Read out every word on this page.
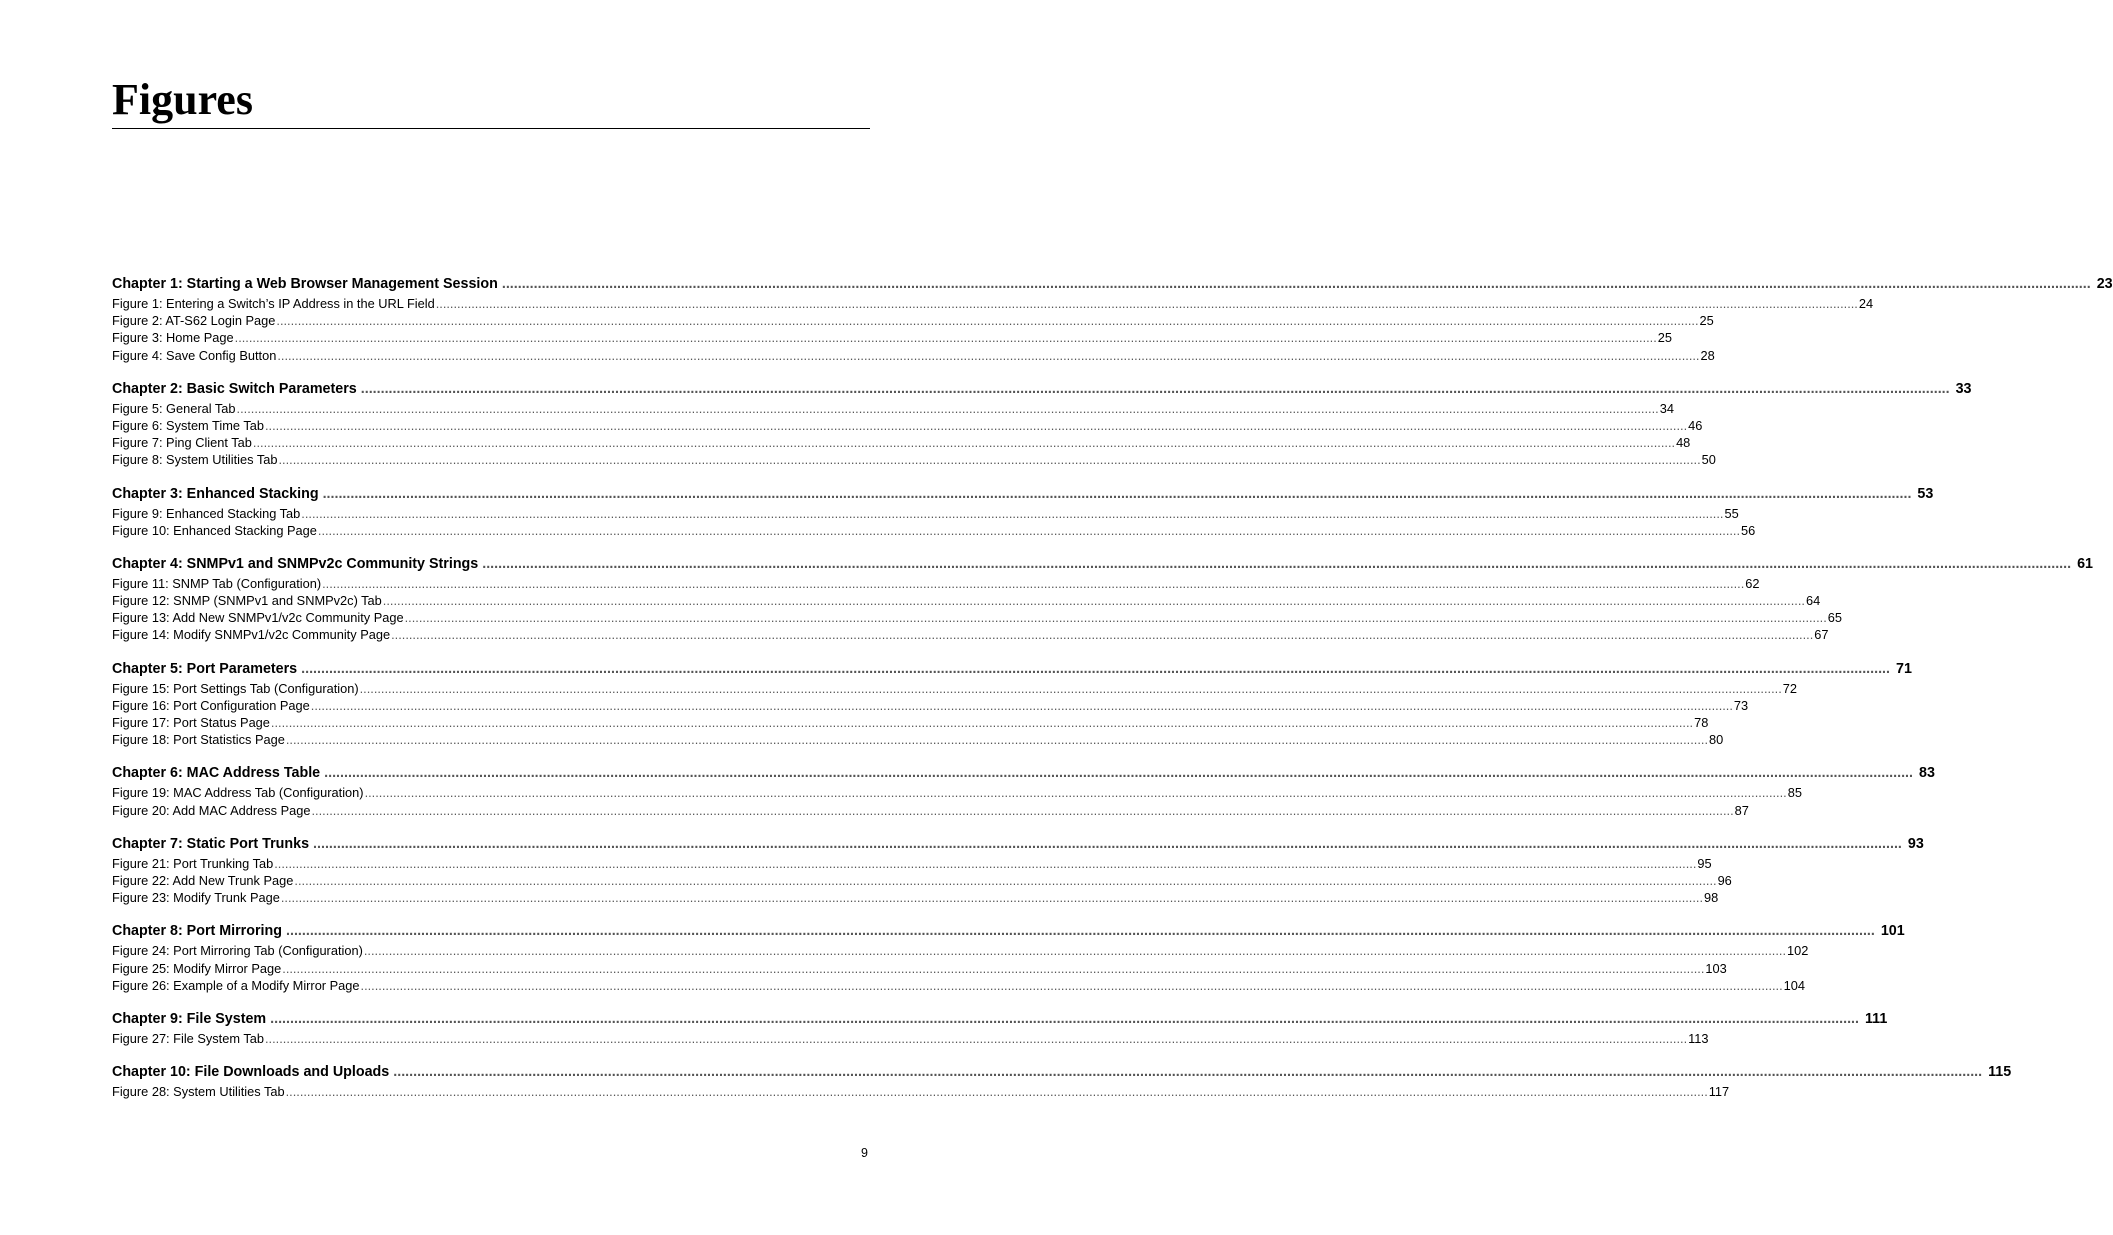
Figures
Chapter 1: Starting a Web Browser Management Session ................................................................................................................................................................................................................................................................................................................................................................................................................ 23
Figure 1: Entering a Switch’s IP Address in the URL Field ................................................................................................................................................................................................................................................................................................................................................................................................................ 24
Figure 2: AT-S62 Login Page ................................................................................................................................................................................................................................................................................................................................................................................................................ 25
Figure 3: Home Page ................................................................................................................................................................................................................................................................................................................................................................................................................ 25
Figure 4: Save Config Button ................................................................................................................................................................................................................................................................................................................................................................................................................ 28
Chapter 2: Basic Switch Parameters ................................................................................................................................................................................................................................................................................................................................................................................................................ 33
Figure 5: General Tab ................................................................................................................................................................................................................................................................................................................................................................................................................ 34
Figure 6: System Time Tab ................................................................................................................................................................................................................................................................................................................................................................................................................ 46
Figure 7: Ping Client Tab ................................................................................................................................................................................................................................................................................................................................................................................................................ 48
Figure 8: System Utilities Tab ................................................................................................................................................................................................................................................................................................................................................................................................................ 50
Chapter 3: Enhanced Stacking ................................................................................................................................................................................................................................................................................................................................................................................................................ 53
Figure 9: Enhanced Stacking Tab ................................................................................................................................................................................................................................................................................................................................................................................................................ 55
Figure 10: Enhanced Stacking Page ................................................................................................................................................................................................................................................................................................................................................................................................................ 56
Chapter 4: SNMPv1 and SNMPv2c Community Strings ................................................................................................................................................................................................................................................................................................................................................................................................................ 61
Figure 11: SNMP Tab (Configuration) ................................................................................................................................................................................................................................................................................................................................................................................................................ 62
Figure 12: SNMP (SNMPv1 and SNMPv2c) Tab ................................................................................................................................................................................................................................................................................................................................................................................................................ 64
Figure 13: Add New SNMPv1/v2c Community Page ................................................................................................................................................................................................................................................................................................................................................................................................................ 65
Figure 14: Modify SNMPv1/v2c Community Page ................................................................................................................................................................................................................................................................................................................................................................................................................ 67
Chapter 5: Port Parameters ................................................................................................................................................................................................................................................................................................................................................................................................................ 71
Figure 15: Port Settings Tab (Configuration) ................................................................................................................................................................................................................................................................................................................................................................................................................ 72
Figure 16: Port Configuration Page ................................................................................................................................................................................................................................................................................................................................................................................................................ 73
Figure 17: Port Status Page ................................................................................................................................................................................................................................................................................................................................................................................................................ 78
Figure 18: Port Statistics Page ................................................................................................................................................................................................................................................................................................................................................................................................................ 80
Chapter 6: MAC Address Table ................................................................................................................................................................................................................................................................................................................................................................................................................ 83
Figure 19: MAC Address Tab (Configuration) ................................................................................................................................................................................................................................................................................................................................................................................................................ 85
Figure 20: Add MAC Address Page ................................................................................................................................................................................................................................................................................................................................................................................................................ 87
Chapter 7: Static Port Trunks ................................................................................................................................................................................................................................................................................................................................................................................................................ 93
Figure 21: Port Trunking Tab ................................................................................................................................................................................................................................................................................................................................................................................................................ 95
Figure 22: Add New Trunk Page ................................................................................................................................................................................................................................................................................................................................................................................................................ 96
Figure 23: Modify Trunk Page ................................................................................................................................................................................................................................................................................................................................................................................................................ 98
Chapter 8: Port Mirroring ................................................................................................................................................................................................................................................................................................................................................................................................................ 101
Figure 24: Port Mirroring Tab (Configuration) ................................................................................................................................................................................................................................................................................................................................................................................................................ 102
Figure 25: Modify Mirror Page ................................................................................................................................................................................................................................................................................................................................................................................................................ 103
Figure 26: Example of a Modify Mirror Page ................................................................................................................................................................................................................................................................................................................................................................................................................ 104
Chapter 9: File System ................................................................................................................................................................................................................................................................................................................................................................................................................ 111
Figure 27: File System Tab ................................................................................................................................................................................................................................................................................................................................................................................................................ 113
Chapter 10: File Downloads and Uploads ................................................................................................................................................................................................................................................................................................................................................................................................................ 115
Figure 28: System Utilities Tab ................................................................................................................................................................................................................................................................................................................................................................................................................ 117
9
